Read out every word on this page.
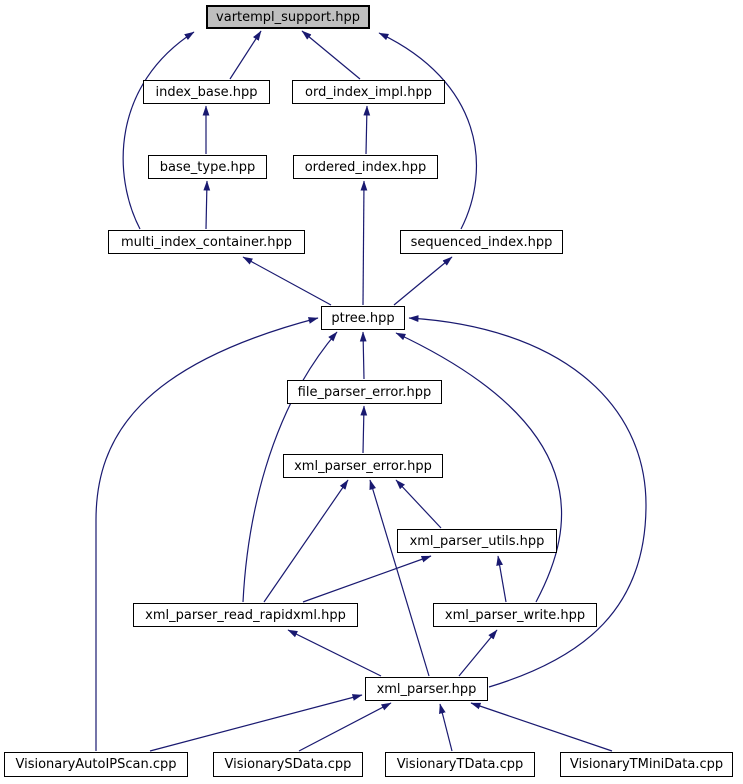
vartempl_support.hpp
index_base.hpp	ord_index_impl.hpp
base_type.hpp	ordered_index.hpp
multi_index_container.hpp	sequenced_index.hpp
ptree.hpp
file_parser_error.hpp
xml_parser_error.hpp
xml_parser_utils.hpp
xml_parser_read_rapidxml.hpp	xml_parser_write.hpp
xml_parser.hpp
VisionaryAutoIPScan.cpp	VisionarySData.cpp	VisionaryTData.cpp	VisionaryTMiniData.cpp
